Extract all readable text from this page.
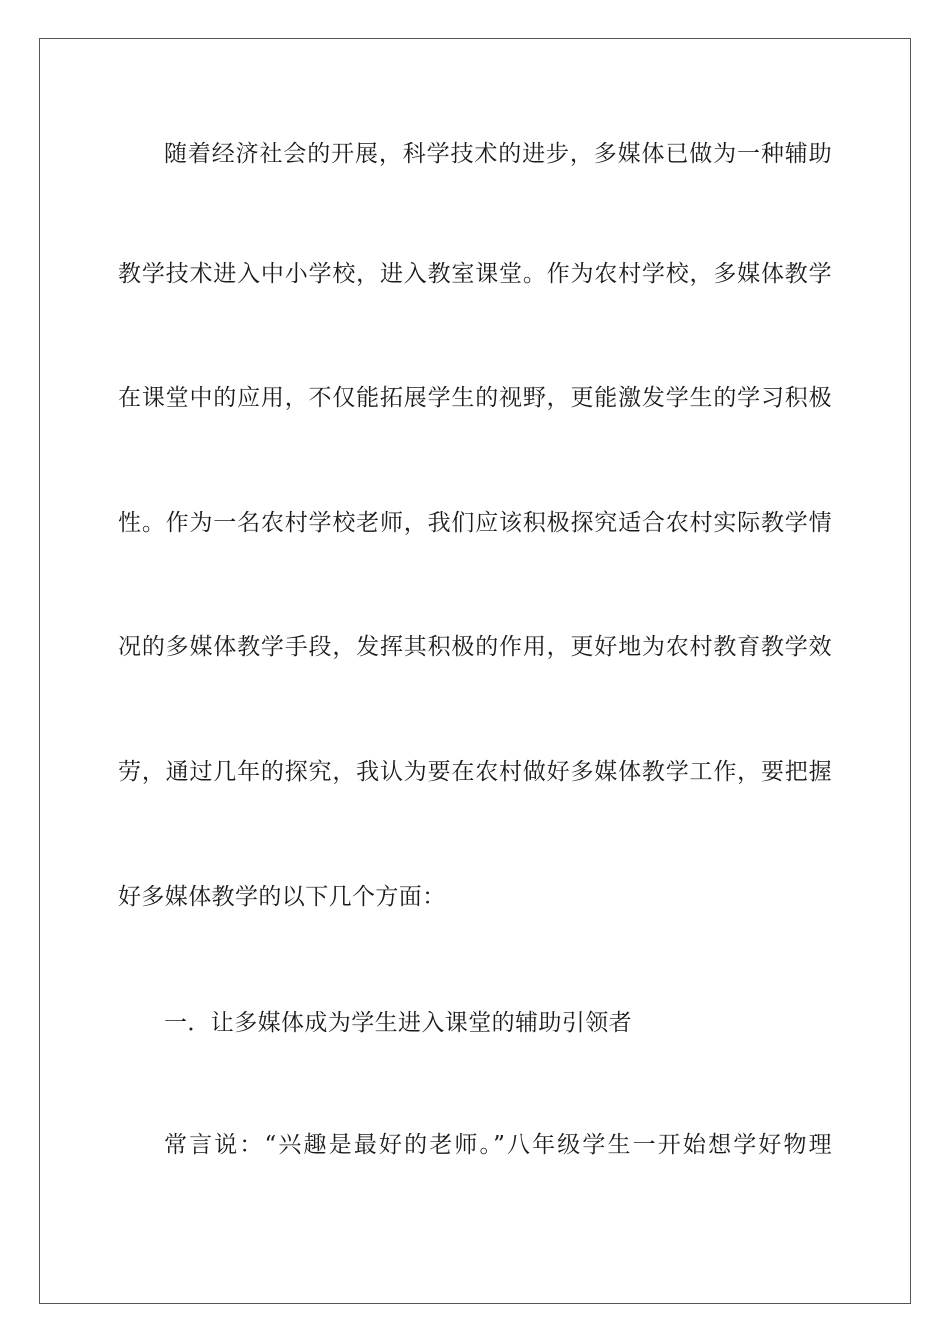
随着经济社会的开展，科学技术的进步，多媒体已做为一种辅助
教学技术进入中小学校，进入教室课堂。作为农村学校，多媒体教学
在课堂中的应用，不仅能拓展学生的视野，更能激发学生的学习积极
性。作为一名农村学校老师，我们应该积极探究适合农村实际教学情
况的多媒体教学手段，发挥其积极的作用，更好地为农村教育教学效
劳，通过几年的探究，我认为要在农村做好多媒体教学工作，要把握
好多媒体教学的以下几个方面：
一．让多媒体成为学生进入课堂的辅助引领者
常言说：“兴趣是最好的老师。”八年级学生一开始想学好物理
